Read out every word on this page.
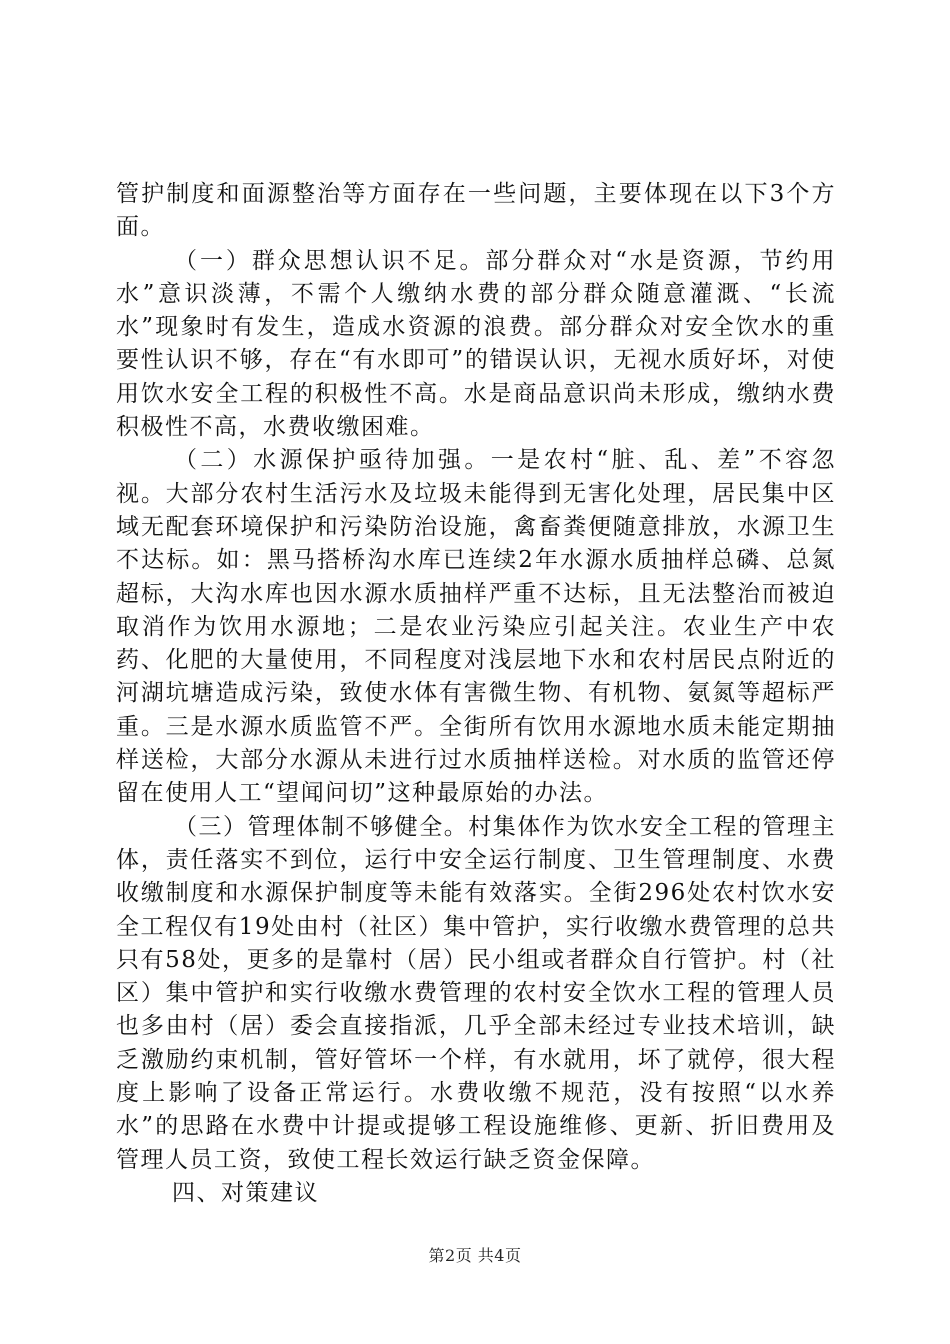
管护制度和面源整治等方面存在一些问题，主要体现在以下3个方面。

（一）群众思想认识不足。部分群众对“水是资源，节约用水”意识淡薄，不需个人缴纳水费的部分群众随意灌溉、“长流水”现象时有发生，造成水资源的浪费。部分群众对安全饮水的重要性认识不够，存在“有水即可”的错误认识，无视水质好坏，对使用饮水安全工程的积极性不高。水是商品意识尚未形成，缴纳水费积极性不高，水费收缴困难。

（二）水源保护亟待加强。一是农村“脏、乱、差”不容忽视。大部分农村生活污水及垃圾未能得到无害化处理，居民集中区域无配套环境保护和污染防治设施，禽畜粪便随意排放，水源卫生不达标。如：黑马搭桥沟水库已连续2年水源水质抽样总磷、总氮超标，大沟水库也因水源水质抽样严重不达标，且无法整治而被迫取消作为饮用水源地；二是农业污染应引起关注。农业生产中农药、化肥的大量使用，不同程度对浅层地下水和农村居民点附近的河湖坑塘造成污染，致使水体有害微生物、有机物、氨氮等超标严重。三是水源水质监管不严。全街所有饮用水源地水质未能定期抽样送检，大部分水源从未进行过水质抽样送检。对水质的监管还停留在使用人工“望闻问切”这种最原始的办法。

（三）管理体制不够健全。村集体作为饮水安全工程的管理主体，责任落实不到位，运行中安全运行制度、卫生管理制度、水费收缴制度和水源保护制度等未能有效落实。全街296处农村饮水安全工程仅有19处由村（社区）集中管护，实行收缴水费管理的总共只有58处，更多的是靠村（居）民小组或者群众自行管护。村（社区）集中管护和实行收缴水费管理的农村安全饮水工程的管理人员也多由村（居）委会直接指派，几乎全部未经过专业技术培训，缺乏激励约束机制，管好管坏一个样，有水就用，坏了就停，很大程度上影响了设备正常运行。水费收缴不规范，没有按照“以水养水”的思路在水费中计提或提够工程设施维修、更新、折旧费用及管理人员工资，致使工程长效运行缺乏资金保障。

四、对策建议

第2页 共4页
